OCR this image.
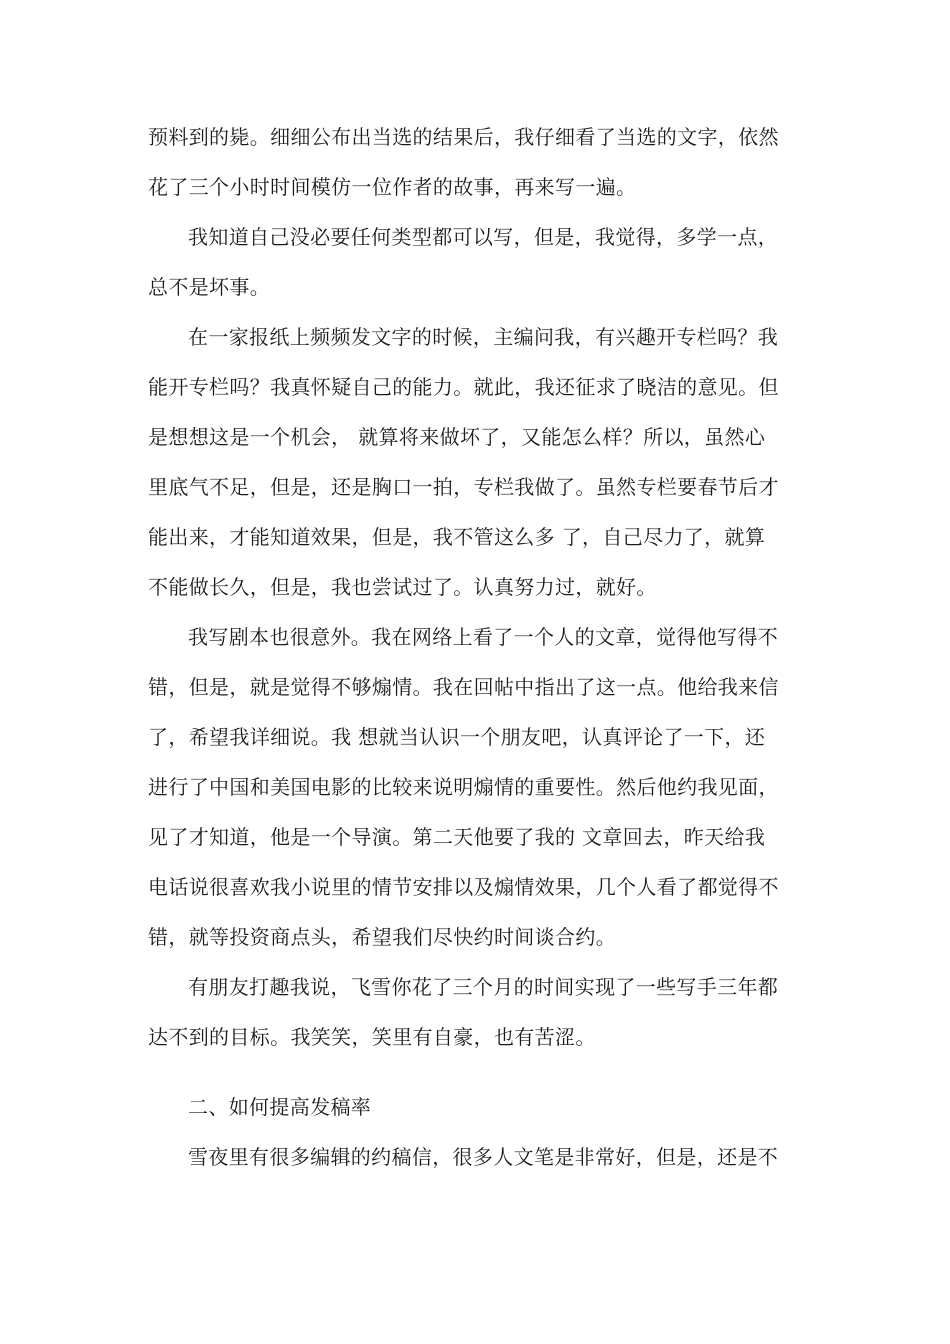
预料到的毙。细细公布出当选的结果后，我仔细看了当选的文字，依然
花了三个小时时间模仿一位作者的故事，再来写一遍。
我知道自己没必要任何类型都可以写，但是，我觉得，多学一点，
总不是坏事。
在一家报纸上频频发文字的时候，主编问我，有兴趣开专栏吗？我
能开专栏吗？我真怀疑自己的能力。就此，我还征求了晓洁的意见。但
是想想这是一个机会， 就算将来做坏了，又能怎么样？所以，虽然心
里底气不足，但是，还是胸口一拍，专栏我做了。虽然专栏要春节后才
能出来，才能知道效果，但是，我不管这么多 了，自己尽力了，就算
不能做长久，但是，我也尝试过了。认真努力过，就好。
我写剧本也很意外。我在网络上看了一个人的文章，觉得他写得不
错，但是，就是觉得不够煽情。我在回帖中指出了这一点。他给我来信
了，希望我详细说。我 想就当认识一个朋友吧，认真评论了一下，还
进行了中国和美国电影的比较来说明煽情的重要性。然后他约我见面，
见了才知道，他是一个导演。第二天他要了我的 文章回去，昨天给我
电话说很喜欢我小说里的情节安排以及煽情效果，几个人看了都觉得不
错，就等投资商点头，希望我们尽快约时间谈合约。
有朋友打趣我说，飞雪你花了三个月的时间实现了一些写手三年都
达不到的目标。我笑笑，笑里有自豪，也有苦涩。
二、如何提高发稿率
雪夜里有很多编辑的约稿信，很多人文笔是非常好，但是，还是不
